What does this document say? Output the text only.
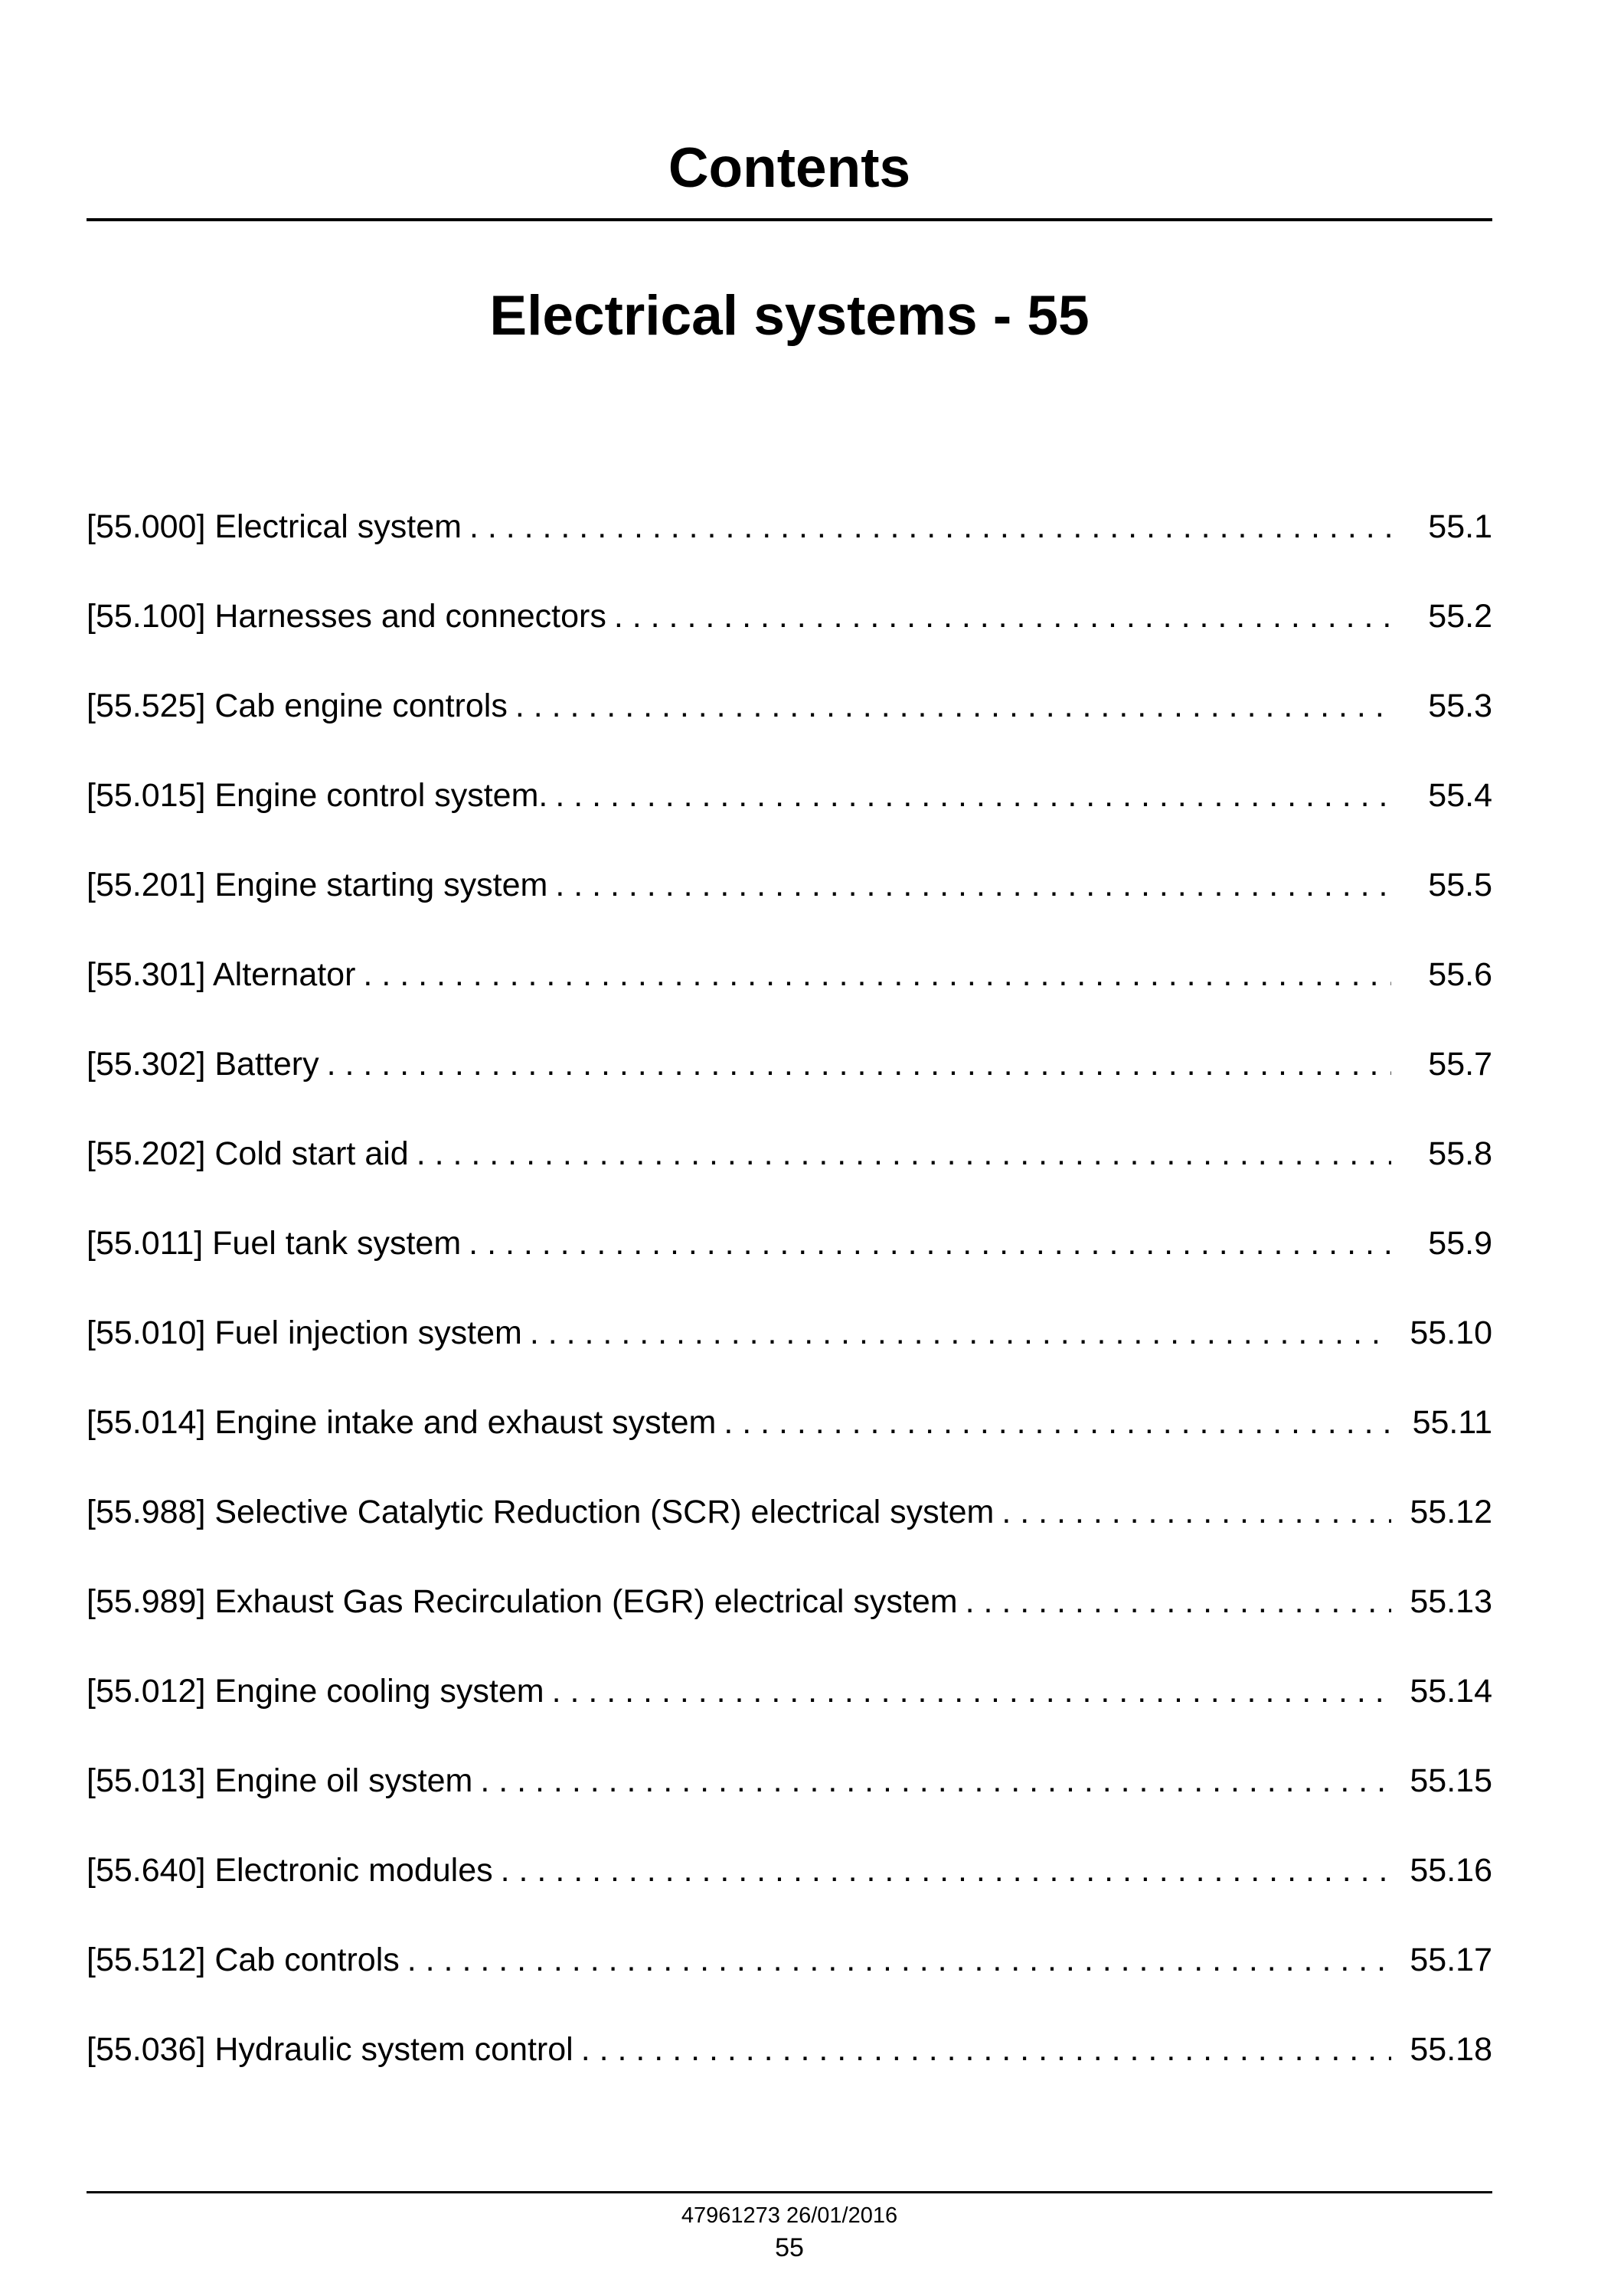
Contents
Electrical systems - 55
[55.000] Electrical system . . .	55.1
[55.100] Harnesses and connectors . . .	55.2
[55.525] Cab engine controls . . .	55.3
[55.015] Engine control system. . . .	55.4
[55.201] Engine starting system . . .	55.5
[55.301] Alternator . . .	55.6
[55.302] Battery . . .	55.7
[55.202] Cold start aid . . .	55.8
[55.011] Fuel tank system . . .	55.9
[55.010] Fuel injection system . . .	55.10
[55.014] Engine intake and exhaust system . . .	55.11
[55.988] Selective Catalytic Reduction (SCR) electrical system . . .	55.12
[55.989] Exhaust Gas Recirculation (EGR) electrical system . . .	55.13
[55.012] Engine cooling system . . .	55.14
[55.013] Engine oil system . . .	55.15
[55.640] Electronic modules . . .	55.16
[55.512] Cab controls . . .	55.17
[55.036] Hydraulic system control . . .	55.18
47961273 26/01/2016
55
